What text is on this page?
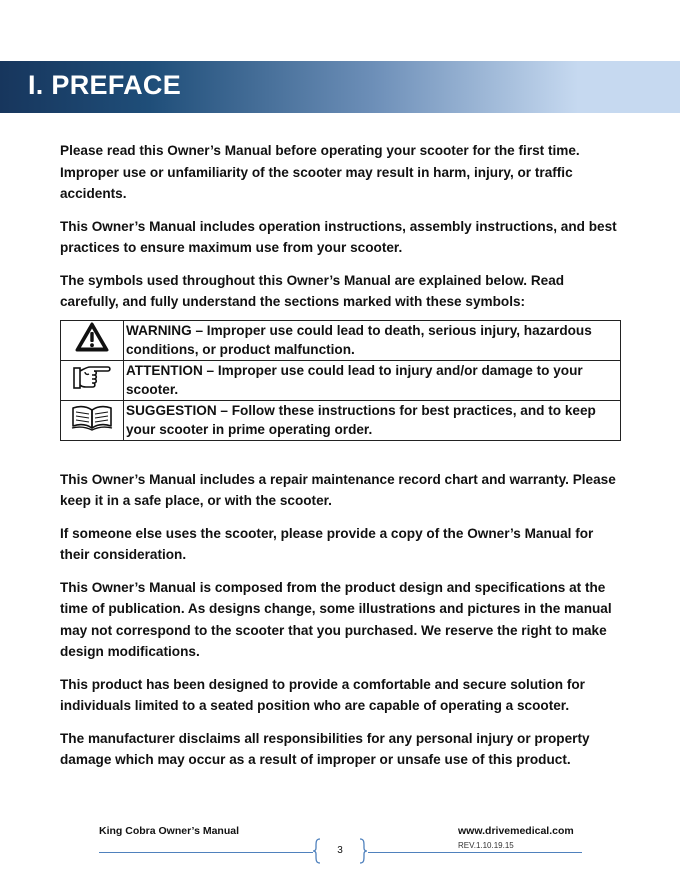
I. PREFACE

Please read this Owner’s Manual before operating your scooter for the first time. Improper use or unfamiliarity of the scooter may result in harm, injury, or traffic accidents.

This Owner’s Manual includes operation instructions, assembly instructions, and best practices to ensure maximum use from your scooter.

The symbols used throughout this Owner’s Manual are explained below. Read carefully, and fully understand the sections marked with these symbols:

	WARNING – Improper use could lead to death, serious injury, hazardous conditions, or product malfunction.
	ATTENTION – Improper use could lead to injury and/or damage to your scooter.
	SUGGESTION – Follow these instructions for best practices, and to keep your scooter in prime operating order.

This Owner’s Manual includes a repair maintenance record chart and warranty. Please keep it in a safe place, or with the scooter.

If someone else uses the scooter, please provide a copy of the Owner’s Manual for their consideration.

This Owner’s Manual is composed from the product design and specifications at the time of publication. As designs change, some illustrations and pictures in the manual may not correspond to the scooter that you purchased. We reserve the right to make design modifications.

This product has been designed to provide a comfortable and secure solution for individuals limited to a seated position who are capable of operating a scooter.

The manufacturer disclaims all responsibilities for any personal injury or property damage which may occur as a result of improper or unsafe use of this product.

King Cobra Owner’s Manual	www.drivemedical.com
REV.1.10.19.15
3
